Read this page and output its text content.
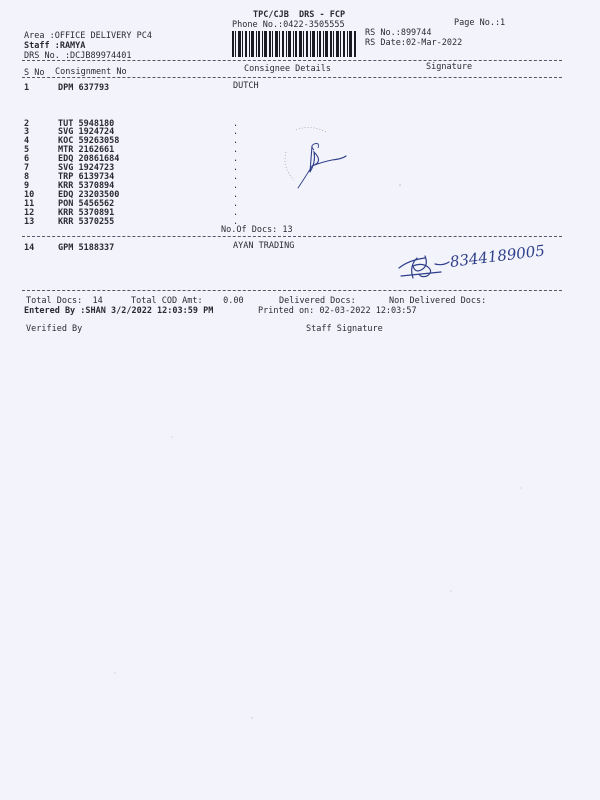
TPC/CJB  DRS - FCP
Phone No.:0422-3505555	Page No.:1
Area :OFFICE DELIVERY PC4
Staff :RAMYA
DRS No. :DCJB89974401
RS No.:899744
RS Date:02-Mar-2022
S No Consignment No	Consignee Details	Signature
1	DPM 637793	DUTCH
2	TUT 5948180	.
3	SVG 1924724	.
4	KOC 59263058	.
5	MTR 2162661	.
6	EDQ 20861684	.
7	SVG 1924723	.
8	TRP 6139734	.
9	KRR 5370894	.
10	EDQ 23203500	.
11	PON 5456562	.
12	KRR 5370891	.
13	KRR 5370255	.
No.Of Docs: 13
14	GPM 5188337	AYAN TRADING	8344189005
Total Docs:  14	Total COD Amt:    0.00	Delivered Docs:	Non Delivered Docs:
Entered By :SHAN 3/2/2022 12:03:59 PM	Printed on: 02-03-2022 12:03:57
Verified By	Staff Signature
